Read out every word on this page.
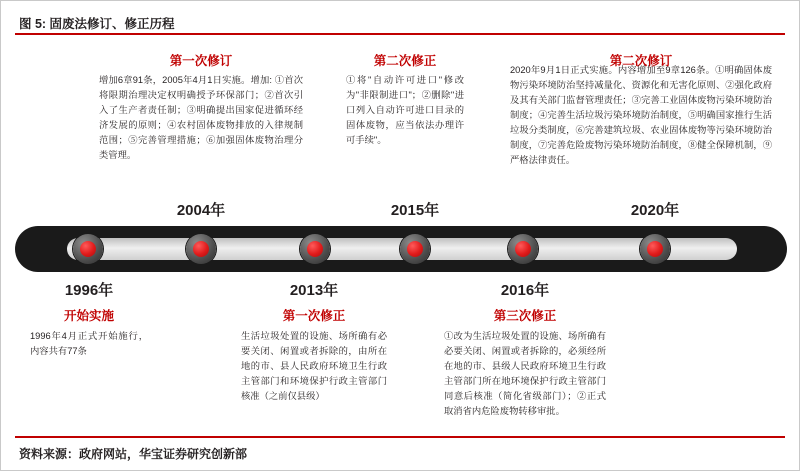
图 5: 固废法修订、修正历程
第一次修订	第二次修正	第二次修订
增加6章91条，2005年4月1日实施。增加: ①首次将限期治理决定权明确授予环保部门；②首次引入了生产者责任制；③明确提出国家促进循环经济发展的原则；④农村固体废物排放的入律规制范围；⑤完善管理措施；⑥加强固体废物治理分类管理。
①将"自动许可进口"修改为"非限制进口"；②删除"进口列入自动许可进口目录的固体废物，应当依法办理许可手续"。
2020年9月1日正式实施。内容增加至9章126条。①明确固体废物污染环境防治坚持减量化、资源化和无害化原则、②强化政府及其有关部门监督管理责任；③完善工业固体废物污染环境防治制度；④完善生活垃圾污染环境防治制度，⑤明确国家推行生活垃圾分类制度，⑥完善建筑垃圾、农业固体废物等污染环境防治制度，⑦完善危险废物污染环境防治制度，⑧健全保障机制，⑨严格法律责任。
2004年	2015年	2020年
1996年	2013年	2016年
开始实施	第一次修正	第三次修正
1996年4月正式开始施行，内容共有77条
生活垃圾处置的设施、场所确有必要关闭、闲置或者拆除的，由所在地的市、县人民政府环境卫生行政主管部门和环境保护行政主管部门核准（之前仅县级）
①改为生活垃圾处置的设施、场所确有必要关闭、闲置或者拆除的，必须经所在地的市、县级人民政府环境卫生行政主管部门所在地环境保护行政主管部门同意后核准（简化省级部门）；②正式取消省内危险废物转移审批。
资料来源：政府网站，华宝证券研究创新部
